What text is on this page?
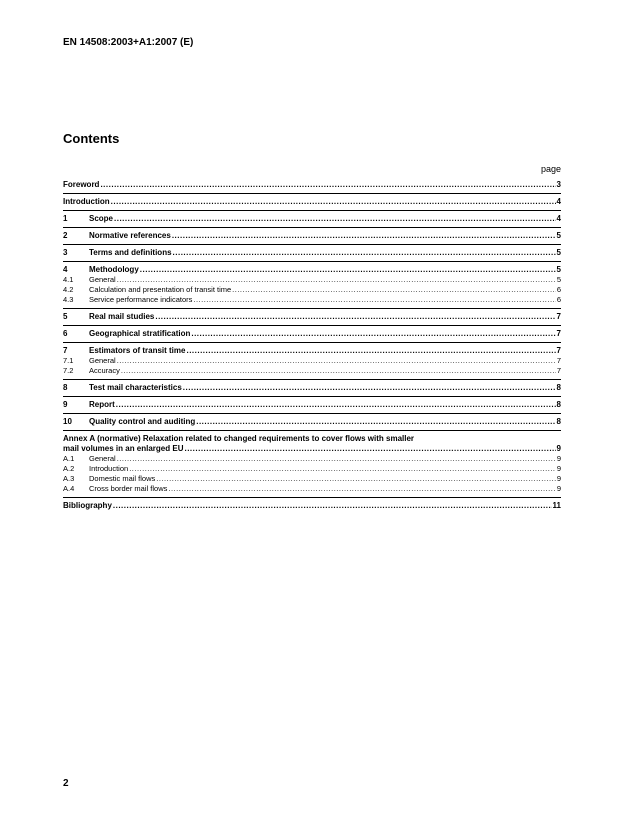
EN 14508:2003+A1:2007 (E)
Contents
page
Foreword .....	3
Introduction .....	4
1	Scope .....	4
2	Normative references .....	5
3	Terms and definitions .....	5
4	Methodology .....	5
4.1	General .....	5
4.2	Calculation and presentation of transit time .....	6
4.3	Service performance indicators .....	6
5	Real mail studies .....	7
6	Geographical stratification .....	7
7	Estimators of transit time .....	7
7.1	General .....	7
7.2	Accuracy .....	7
8	Test mail characteristics .....	8
9	Report .....	8
10	Quality control and auditing .....	8
Annex A (normative) Relaxation related to changed requirements to cover flows with smaller
mail volumes in an enlarged EU .....	9
A.1	General .....	9
A.2	Introduction .....	9
A.3	Domestic mail flows .....	9
A.4	Cross border mail flows .....	9
Bibliography .....	11
2
